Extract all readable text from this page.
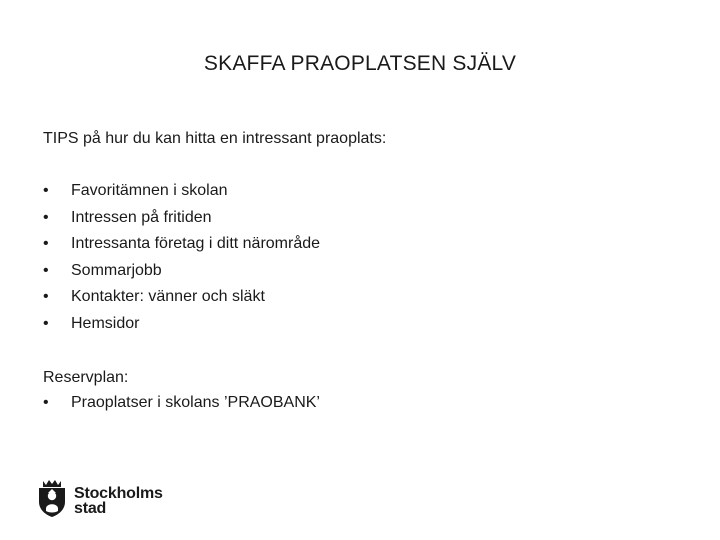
SKAFFA PRAOPLATSEN SJÄLV
TIPS på hur du kan hitta en intressant praoplats:
•	Favoritämnen i skolan
•	Intressen på fritiden
•	Intressanta företag i ditt närområde
•	Sommarjobb
•	Kontakter: vänner och släkt
•	Hemsidor
Reservplan:
•	Praoplatser i skolans ’PRAOBANK’
Stockholms
stad
